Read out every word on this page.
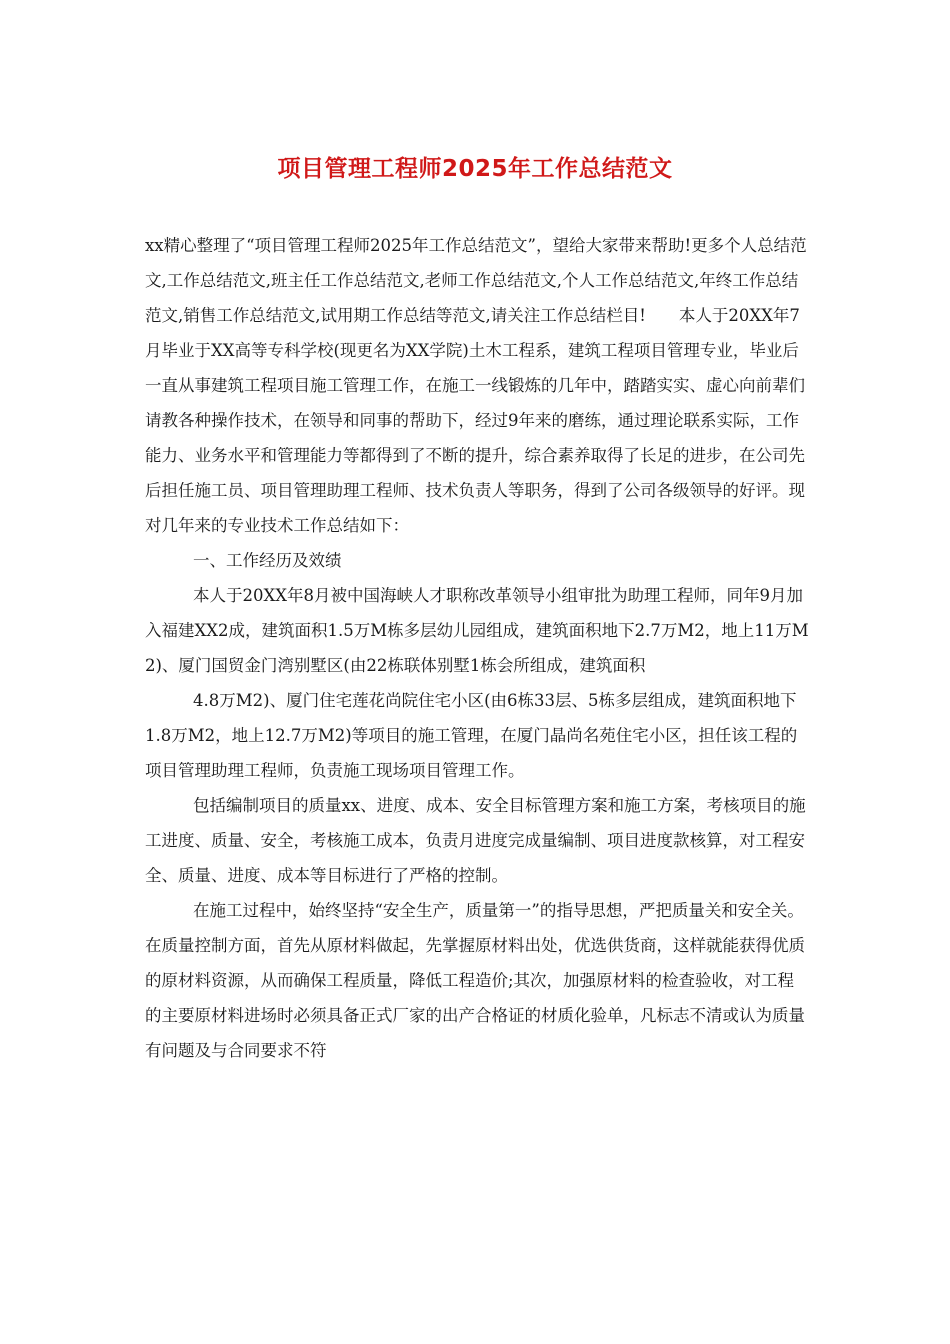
项目管理工程师2025年工作总结范文

xx精心整理了“项目管理工程师2025年工作总结范文”，望给大家带来帮助!更多个人总结范文,工作总结范文,班主任工作总结范文,老师工作总结范文,个人工作总结范文,年终工作总结范文,销售工作总结范文,试用期工作总结等范文,请关注工作总结栏目!　　本人于20XX年7月毕业于XX高等专科学校(现更名为XX学院)土木工程系，建筑工程项目管理专业，毕业后一直从事建筑工程项目施工管理工作，在施工一线锻炼的几年中，踏踏实实、虚心向前辈们请教各种操作技术，在领导和同事的帮助下，经过9年来的磨练，通过理论联系实际，工作能力、业务水平和管理能力等都得到了不断的提升，综合素养取得了长足的进步，在公司先后担任施工员、项目管理助理工程师、技术负责人等职务，得到了公司各级领导的好评。现对几年来的专业技术工作总结如下：

一、工作经历及效绩

本人于20XX年8月被中国海峡人才职称改革领导小组审批为助理工程师，同年9月加入福建XX2成，建筑面积1.5万M栋多层幼儿园组成，建筑面积地下2.7万M2，地上11万M2)、厦门国贸金门湾别墅区(由22栋联体别墅1栋会所组成，建筑面积

4.8万M2)、厦门住宅莲花尚院住宅小区(由6栋33层、5栋多层组成，建筑面积地下1.8万M2，地上12.7万M2)等项目的施工管理，在厦门晶尚名苑住宅小区，担任该工程的项目管理助理工程师，负责施工现场项目管理工作。

包括编制项目的质量xx、进度、成本、安全目标管理方案和施工方案，考核项目的施工进度、质量、安全，考核施工成本，负责月进度完成量编制、项目进度款核算，对工程安全、质量、进度、成本等目标进行了严格的控制。

在施工过程中，始终坚持“安全生产，质量第一”的指导思想，严把质量关和安全关。在质量控制方面，首先从原材料做起，先掌握原材料出处，优选供货商，这样就能获得优质的原材料资源，从而确保工程质量，降低工程造价;其次，加强原材料的检查验收，对工程的主要原材料进场时必须具备正式厂家的出产合格证的材质化验单，凡标志不清或认为质量有问题及与合同要求不符
